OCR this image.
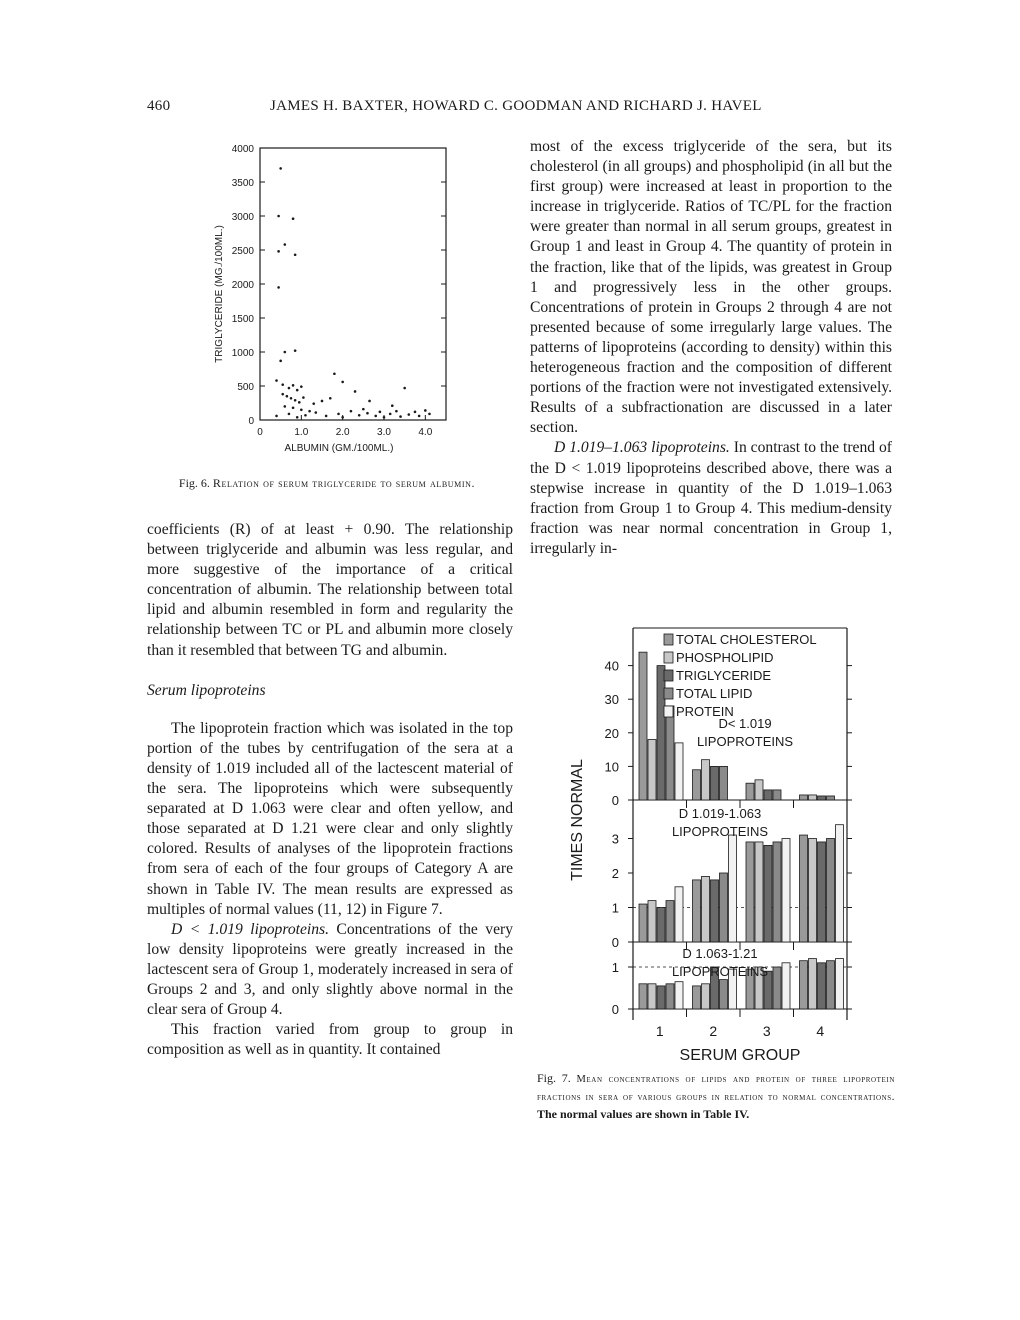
460	JAMES H. BAXTER, HOWARD C. GOODMAN AND RICHARD J. HAVEL
0
500
1000
1500
2000
2500
3000
3500
4000
0	1.0	2.0	3.0	4.0
ALBUMIN (GM./100ML.)
TRIGLYCERIDE (MG./100ML.)
Fig. 6. Relation of serum triglyceride to serum albumin.

coefficients (R) of at least + 0.90. The relationship between triglyceride and albumin was less regular, and more suggestive of the importance of a critical concentration of albumin. The relationship between total lipid and albumin resembled in form and regularity the relationship between TC or PL and albumin more closely than it resembled that between TG and albumin.

Serum lipoproteins

The lipoprotein fraction which was isolated in the top portion of the tubes by centrifugation of the sera at a density of 1.019 included all of the lactescent material of the sera. The lipoproteins which were subsequently separated at D 1.063 were clear and often yellow, and those separated at D 1.21 were clear and only slightly colored. Results of analyses of the lipoprotein fractions from sera of each of the four groups of Category A are shown in Table IV. The mean results are expressed as multiples of normal values (11, 12) in Figure 7.

D < 1.019 lipoproteins. Concentrations of the very low density lipoproteins were greatly increased in the lactescent sera of Group 1, moderately increased in sera of Groups 2 and 3, and only slightly above normal in the clear sera of Group 4.

This fraction varied from group to group in composition as well as in quantity. It contained

most of the excess triglyceride of the sera, but its cholesterol (in all groups) and phospholipid (in all but the first group) were increased at least in proportion to the increase in triglyceride. Ratios of TC/PL for the fraction were greater than normal in all serum groups, greatest in Group 1 and least in Group 4. The quantity of protein in the fraction, like that of the lipids, was greatest in Group 1 and progressively less in the other groups. Concentrations of protein in Groups 2 through 4 are not presented because of some irregularly large values. The patterns of lipoproteins (according to density) within this heterogeneous fraction and the composition of different portions of the fraction were not investigated extensively. Results of a subfractionation are discussed in a later section.

D 1.019–1.063 lipoproteins. In contrast to the trend of the D < 1.019 lipoproteins described above, there was a stepwise increase in quantity of the D 1.019–1.063 fraction from Group 1 to Group 4. This medium-density fraction was near normal concentration in Group 1, irregularly in-

0
10
20
30
40
D< 1.019
LIPOPROTEINS
0
1
2
3
D 1.019-1.063
LIPOPROTEINS
0
1
D 1.063-1.21
LIPOPROTEINS
TOTAL CHOLESTEROL
PHOSPHOLIPID
TRIGLYCERIDE
TOTAL LIPID
PROTEIN
1	2	3	4
SERUM GROUP
TIMES NORMAL
Fig. 7. Mean concentrations of lipids and protein of three lipoprotein fractions in sera of various groups in relation to normal concentrations. The normal values are shown in Table IV.
